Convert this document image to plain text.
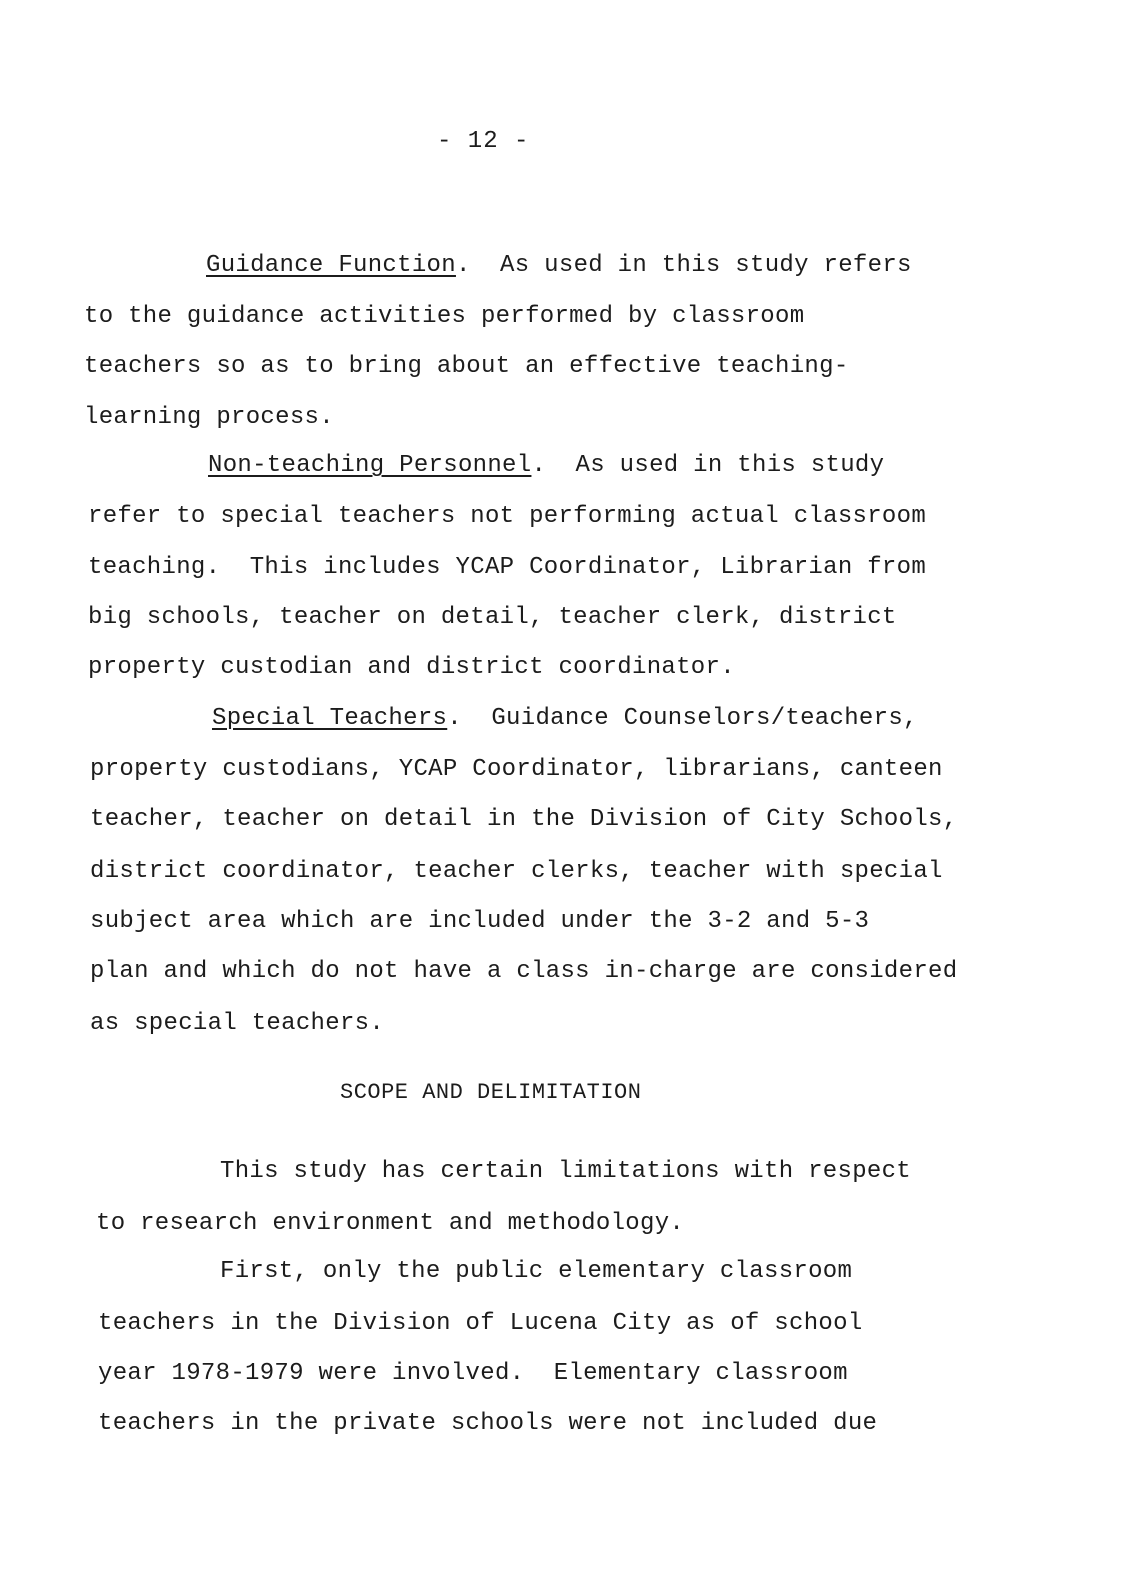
- 12 -
Guidance Function.  As used in this study refers
to the guidance activities performed by classroom
teachers so as to bring about an effective teaching-
learning process.
Non-teaching Personnel.  As used in this study
refer to special teachers not performing actual classroom
teaching.  This includes YCAP Coordinator, Librarian from
big schools, teacher on detail, teacher clerk, district
property custodian and district coordinator.
Special Teachers.  Guidance Counselors/teachers,
property custodians, YCAP Coordinator, librarians, canteen
teacher, teacher on detail in the Division of City Schools,
district coordinator, teacher clerks, teacher with special
subject area which are included under the 3-2 and 5-3
plan and which do not have a class in-charge are considered
as special teachers.
SCOPE AND DELIMITATION
This study has certain limitations with respect
to research environment and methodology.
First, only the public elementary classroom
teachers in the Division of Lucena City as of school
year 1978-1979 were involved.  Elementary classroom
teachers in the private schools were not included due
